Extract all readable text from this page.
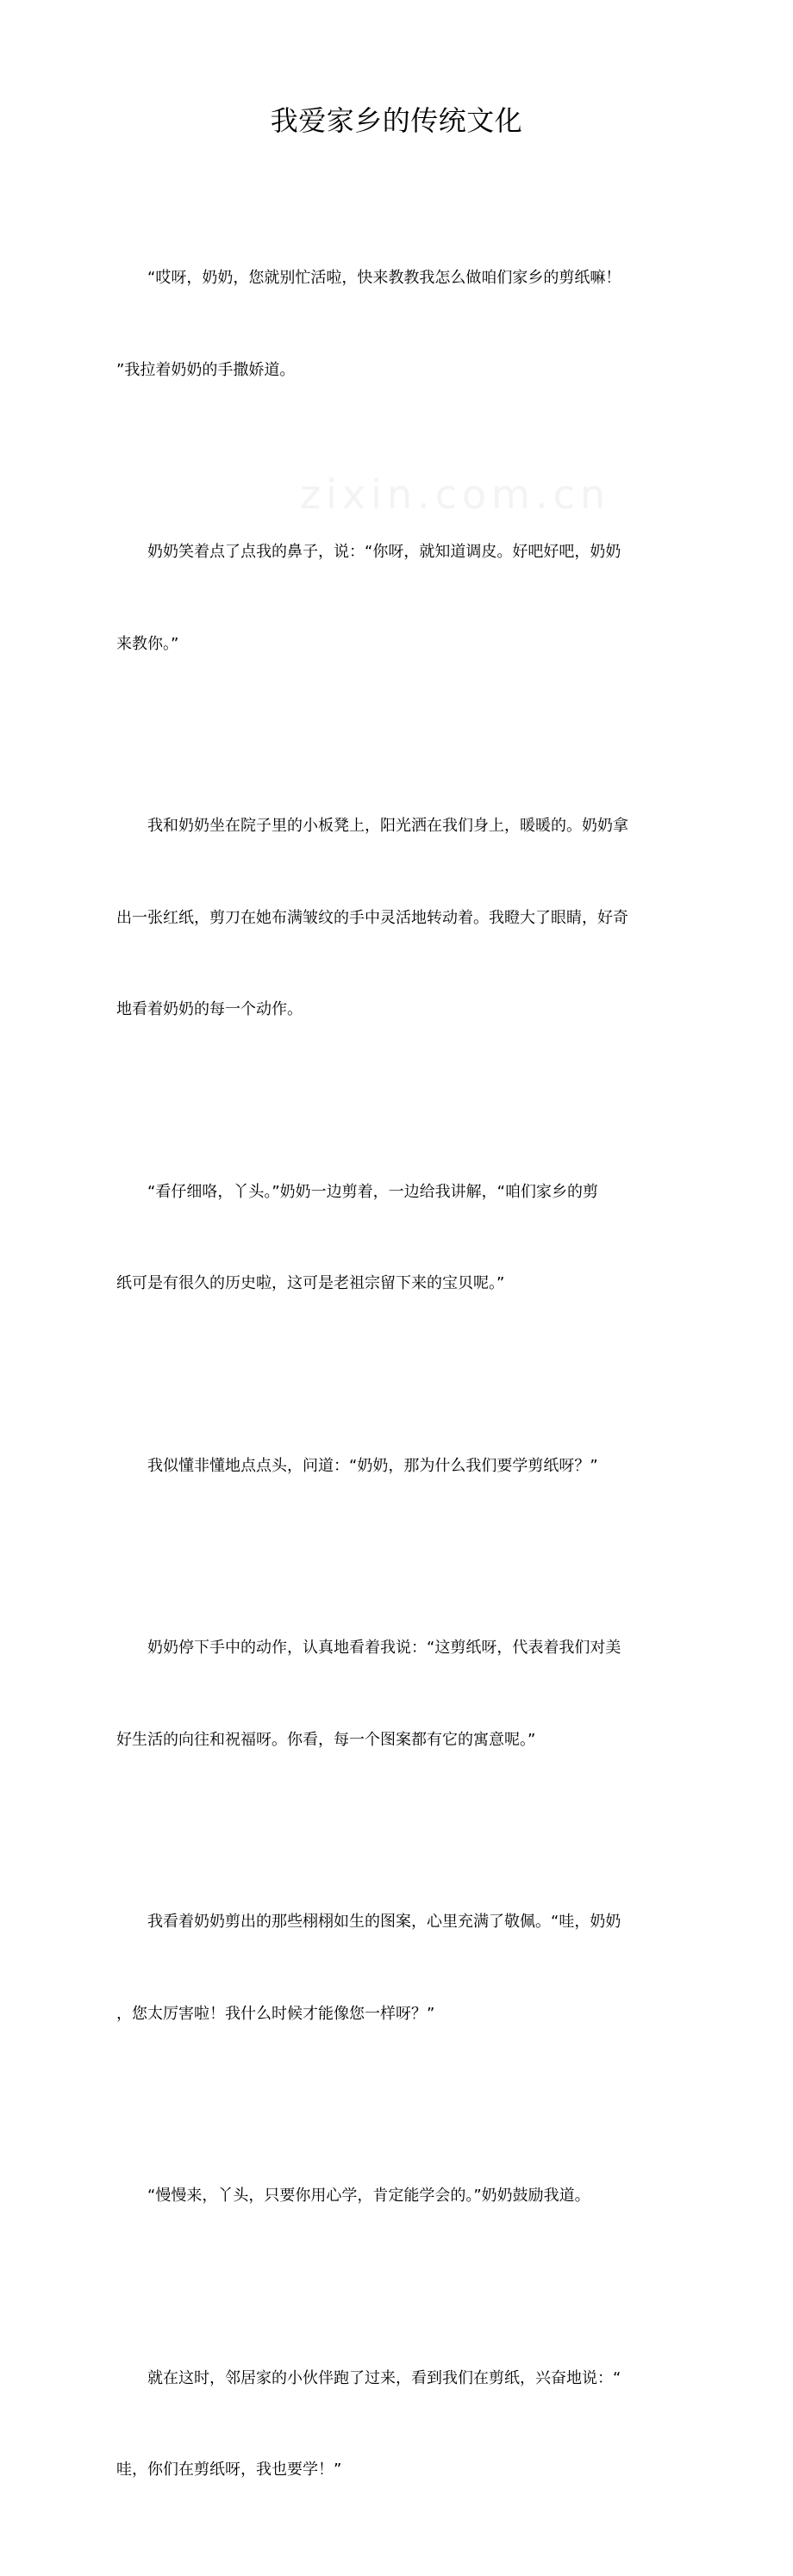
zixin.com.cn
我爱家乡的传统文化

“哎呀，奶奶，您就别忙活啦，快来教教我怎么做咱们家乡的剪纸嘛！

”我拉着奶奶的手撒娇道。

奶奶笑着点了点我的鼻子，说：“你呀，就知道调皮。好吧好吧，奶奶

来教你。”

我和奶奶坐在院子里的小板凳上，阳光洒在我们身上，暖暖的。奶奶拿

出一张红纸，剪刀在她布满皱纹的手中灵活地转动着。我瞪大了眼睛，好奇

地看着奶奶的每一个动作。

“看仔细咯，丫头。”奶奶一边剪着，一边给我讲解，“咱们家乡的剪

纸可是有很久的历史啦，这可是老祖宗留下来的宝贝呢。”

我似懂非懂地点点头，问道：“奶奶，那为什么我们要学剪纸呀？”

奶奶停下手中的动作，认真地看着我说：“这剪纸呀，代表着我们对美

好生活的向往和祝福呀。你看，每一个图案都有它的寓意呢。”

我看着奶奶剪出的那些栩栩如生的图案，心里充满了敬佩。“哇，奶奶

，您太厉害啦！我什么时候才能像您一样呀？”

“慢慢来，丫头，只要你用心学，肯定能学会的。”奶奶鼓励我道。

就在这时，邻居家的小伙伴跑了过来，看到我们在剪纸，兴奋地说：“

哇，你们在剪纸呀，我也要学！”
